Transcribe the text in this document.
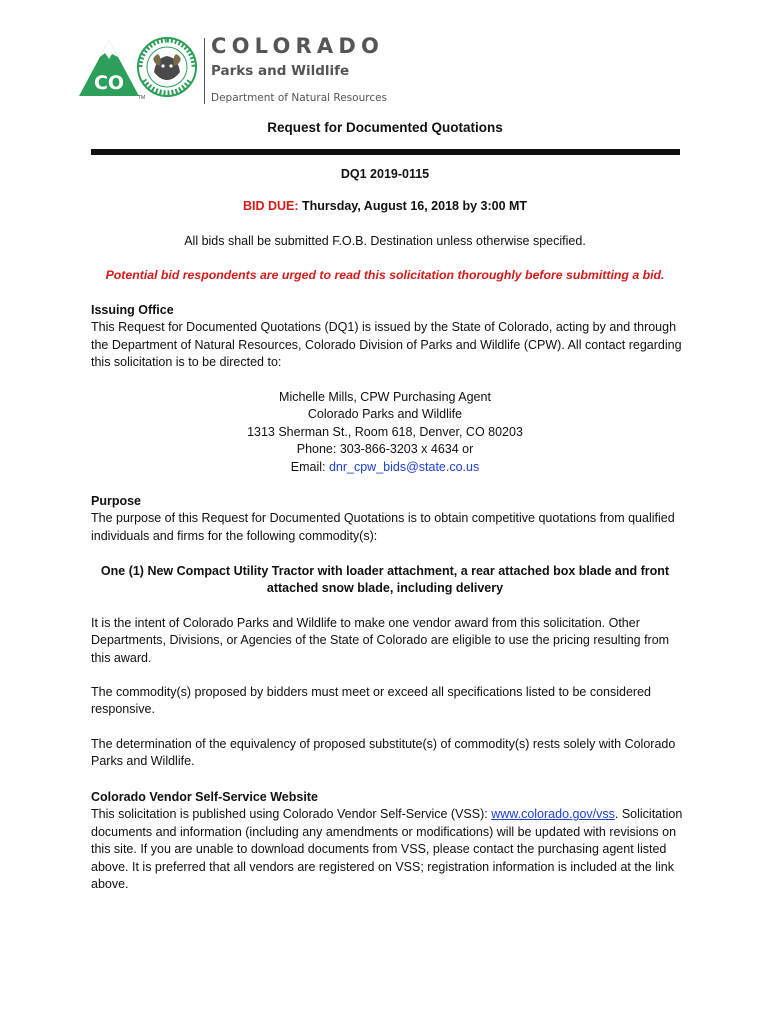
CO
TM
COLORADO
Parks and Wildlife
Department of Natural Resources
Request for Documented Quotations
DQ1 2019-0115
BID DUE: Thursday, August 16, 2018 by 3:00 MT
All bids shall be submitted F.O.B. Destination unless otherwise specified.
Potential bid respondents are urged to read this solicitation thoroughly before submitting a bid.
Issuing Office
This Request for Documented Quotations (DQ1) is issued by the State of Colorado, acting by and through the Department of Natural Resources, Colorado Division of Parks and Wildlife (CPW). All contact regarding this solicitation is to be directed to:
Michelle Mills, CPW Purchasing Agent
Colorado Parks and Wildlife
1313 Sherman St., Room 618, Denver, CO 80203
Phone: 303-866-3203 x 4634 or
Email: dnr_cpw_bids@state.co.us
Purpose
The purpose of this Request for Documented Quotations is to obtain competitive quotations from qualified individuals and firms for the following commodity(s):
One (1) New Compact Utility Tractor with loader attachment, a rear attached box blade and front
attached snow blade, including delivery
It is the intent of Colorado Parks and Wildlife to make one vendor award from this solicitation. Other Departments, Divisions, or Agencies of the State of Colorado are eligible to use the pricing resulting from this award.
The commodity(s) proposed by bidders must meet or exceed all specifications listed to be considered responsive.
The determination of the equivalency of proposed substitute(s) of commodity(s) rests solely with Colorado Parks and Wildlife.
Colorado Vendor Self-Service Website
This solicitation is published using Colorado Vendor Self-Service (VSS): www.colorado.gov/vss. Solicitation documents and information (including any amendments or modifications) will be updated with revisions on this site. If you are unable to download documents from VSS, please contact the purchasing agent listed above. It is preferred that all vendors are registered on VSS; registration information is included at the link above.
